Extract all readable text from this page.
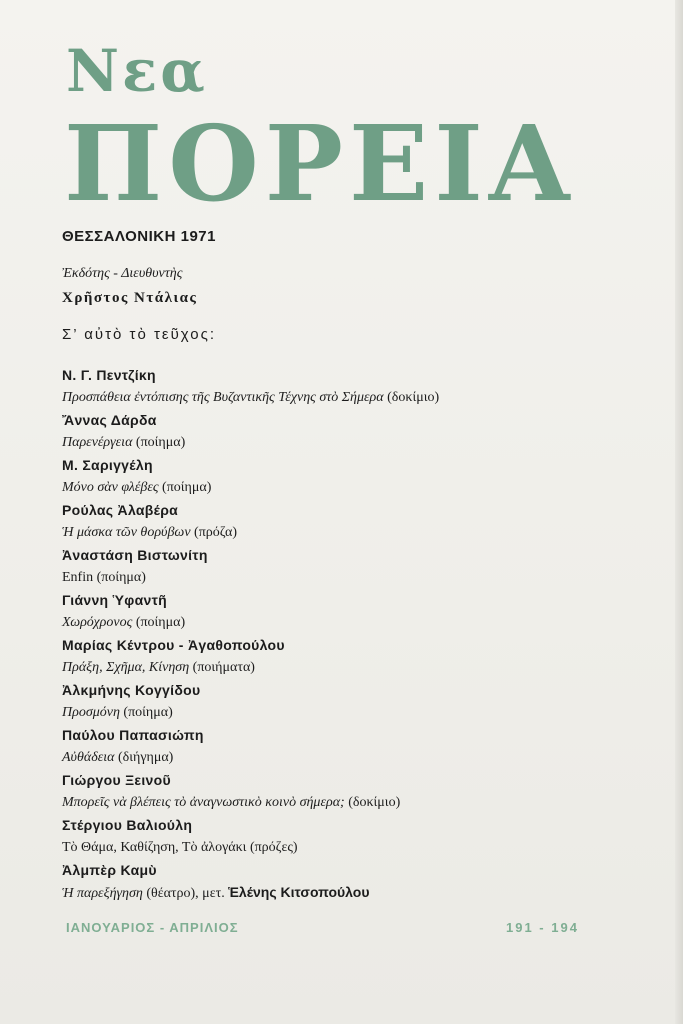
Νεα
ΠΟΡΕΙΑ
ΘΕΣΣΑΛΟΝΙΚΗ 1971
Ἐκδότης - Διευθυντὴς
Χρῆστος Ντάλιας
Σ’ αὐτὸ τὸ τεῦχος:
Ν. Γ. Πεντζίκη
Προσπάθεια ἐντόπισης τῆς Βυζαντικῆς Τέχνης στὸ Σήμερα (δοκίμιο)
Ἄννας Δάρδα
Παρενέργεια (ποίημα)
Μ. Σαριγγέλη
Μόνο σὰν φλέβες (ποίημα)
Ρούλας Ἀλαβέρα
Ἡ μάσκα τῶν θορύβων (πρόζα)
Ἀναστάση Βιστωνίτη
Enfin (ποίημα)
Γιάννη Ὑφαντῆ
Χωρόχρονος (ποίημα)
Μαρίας Κέντρου - Ἀγαθοπούλου
Πράξη, Σχῆμα, Κίνηση (ποιήματα)
Ἀλκμήνης Κογγίδου
Προσμόνη (ποίημα)
Παύλου Παπασιώπη
Αὐθάδεια (διήγημα)
Γιώργου Ξεινοῦ
Μπορεῖς νὰ βλέπεις τὸ ἀναγνωστικὸ κοινὸ σήμερα; (δοκίμιο)
Στέργιου Βαλιούλη
Τὸ Θάμα, Καθίζηση, Τὸ ἀλογάκι (πρόζες)
Ἀλμπὲρ Καμὺ
Ἡ παρεξήγηση (θέατρο), μετ. Ἑλένης Κιτσοπούλου
ΙΑΝΟΥΑΡΙΟΣ - ΑΠΡΙΛΙΟΣ	191 - 194
